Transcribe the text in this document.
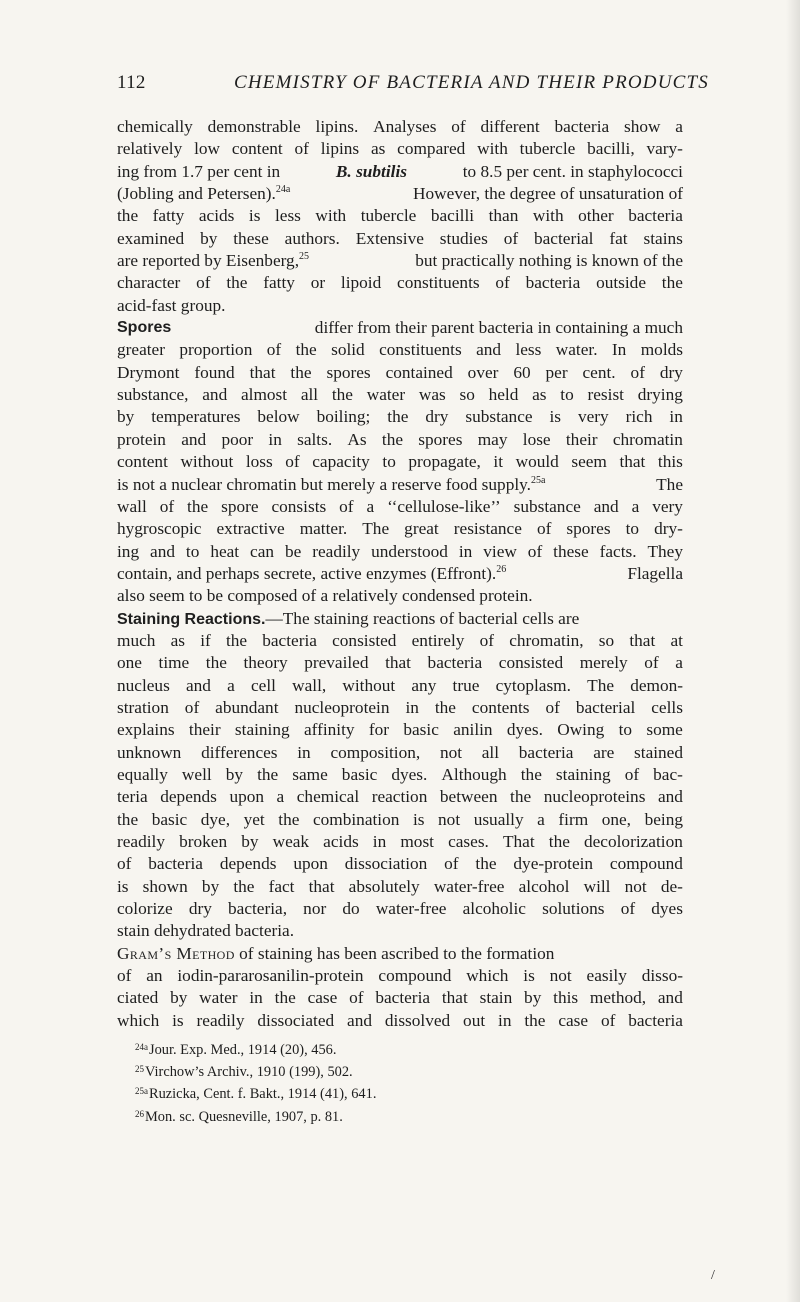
112	CHEMISTRY OF BACTERIA AND THEIR PRODUCTS
chemically demonstrable lipins. Analyses of different bacteria show a
relatively low content of lipins as compared with tubercle bacilli, vary-
ing from 1.7 per cent in	B. subtilis	to 8.5 per cent. in staphylococci
(Jobling and Petersen).$^{24a}$	However, the degree of unsaturation of
the fatty acids is less with tubercle bacilli than with other bacteria
examined by these authors. Extensive studies of bacterial fat stains
are reported by Eisenberg,$^{25}$	but practically nothing is known of the
character of the fatty or lipoid constituents of bacteria outside the
acid-fast group.
Spores	differ from their parent bacteria in containing a much
greater proportion of the solid constituents and less water. In molds
Drymont found that the spores contained over 60 per cent. of dry
substance, and almost all the water was so held as to resist drying
by temperatures below boiling; the dry substance is very rich in
protein and poor in salts. As the spores may lose their chromatin
content without loss of capacity to propagate, it would seem that this
is not a nuclear chromatin but merely a reserve food supply.$^{25a}$	The
wall of the spore consists of a ‘‘cellulose-like’’ substance and a very
hygroscopic extractive matter. The great resistance of spores to dry-
ing and to heat can be readily understood in view of these facts. They
contain, and perhaps secrete, active enzymes (Effront).$^{26}$	Flagella
also seem to be composed of a relatively condensed protein.
Staining Reactions.—The staining reactions of bacterial cells are
much as if the bacteria consisted entirely of chromatin, so that at
one time the theory prevailed that bacteria consisted merely of a
nucleus and a cell wall, without any true cytoplasm. The demon-
stration of abundant nucleoprotein in the contents of bacterial cells
explains their staining affinity for basic anilin dyes. Owing to some
unknown differences in composition, not all bacteria are stained
equally well by the same basic dyes. Although the staining of bac-
teria depends upon a chemical reaction between the nucleoproteins and
the basic dye, yet the combination is not usually a firm one, being
readily broken by weak acids in most cases. That the decolorization
of bacteria depends upon dissociation of the dye-protein compound
is shown by the fact that absolutely water-free alcohol will not de-
colorize dry bacteria, nor do water-free alcoholic solutions of dyes
stain dehydrated bacteria.
Gram’s Method of staining has been ascribed to the formation
of an iodin-pararosanilin-protein compound which is not easily disso-
ciated by water in the case of bacteria that stain by this method, and
which is readily dissociated and dissolved out in the case of bacteria
$^{24a}$Jour. Exp. Med., 1914 (20), 456.
$^{25}$Virchow’s Archiv., 1910 (199), 502.
$^{25a}$Ruzicka, Cent. f. Bakt., 1914 (41), 641.
$^{26}$Mon. sc. Quesneville, 1907, p. 81.
/
